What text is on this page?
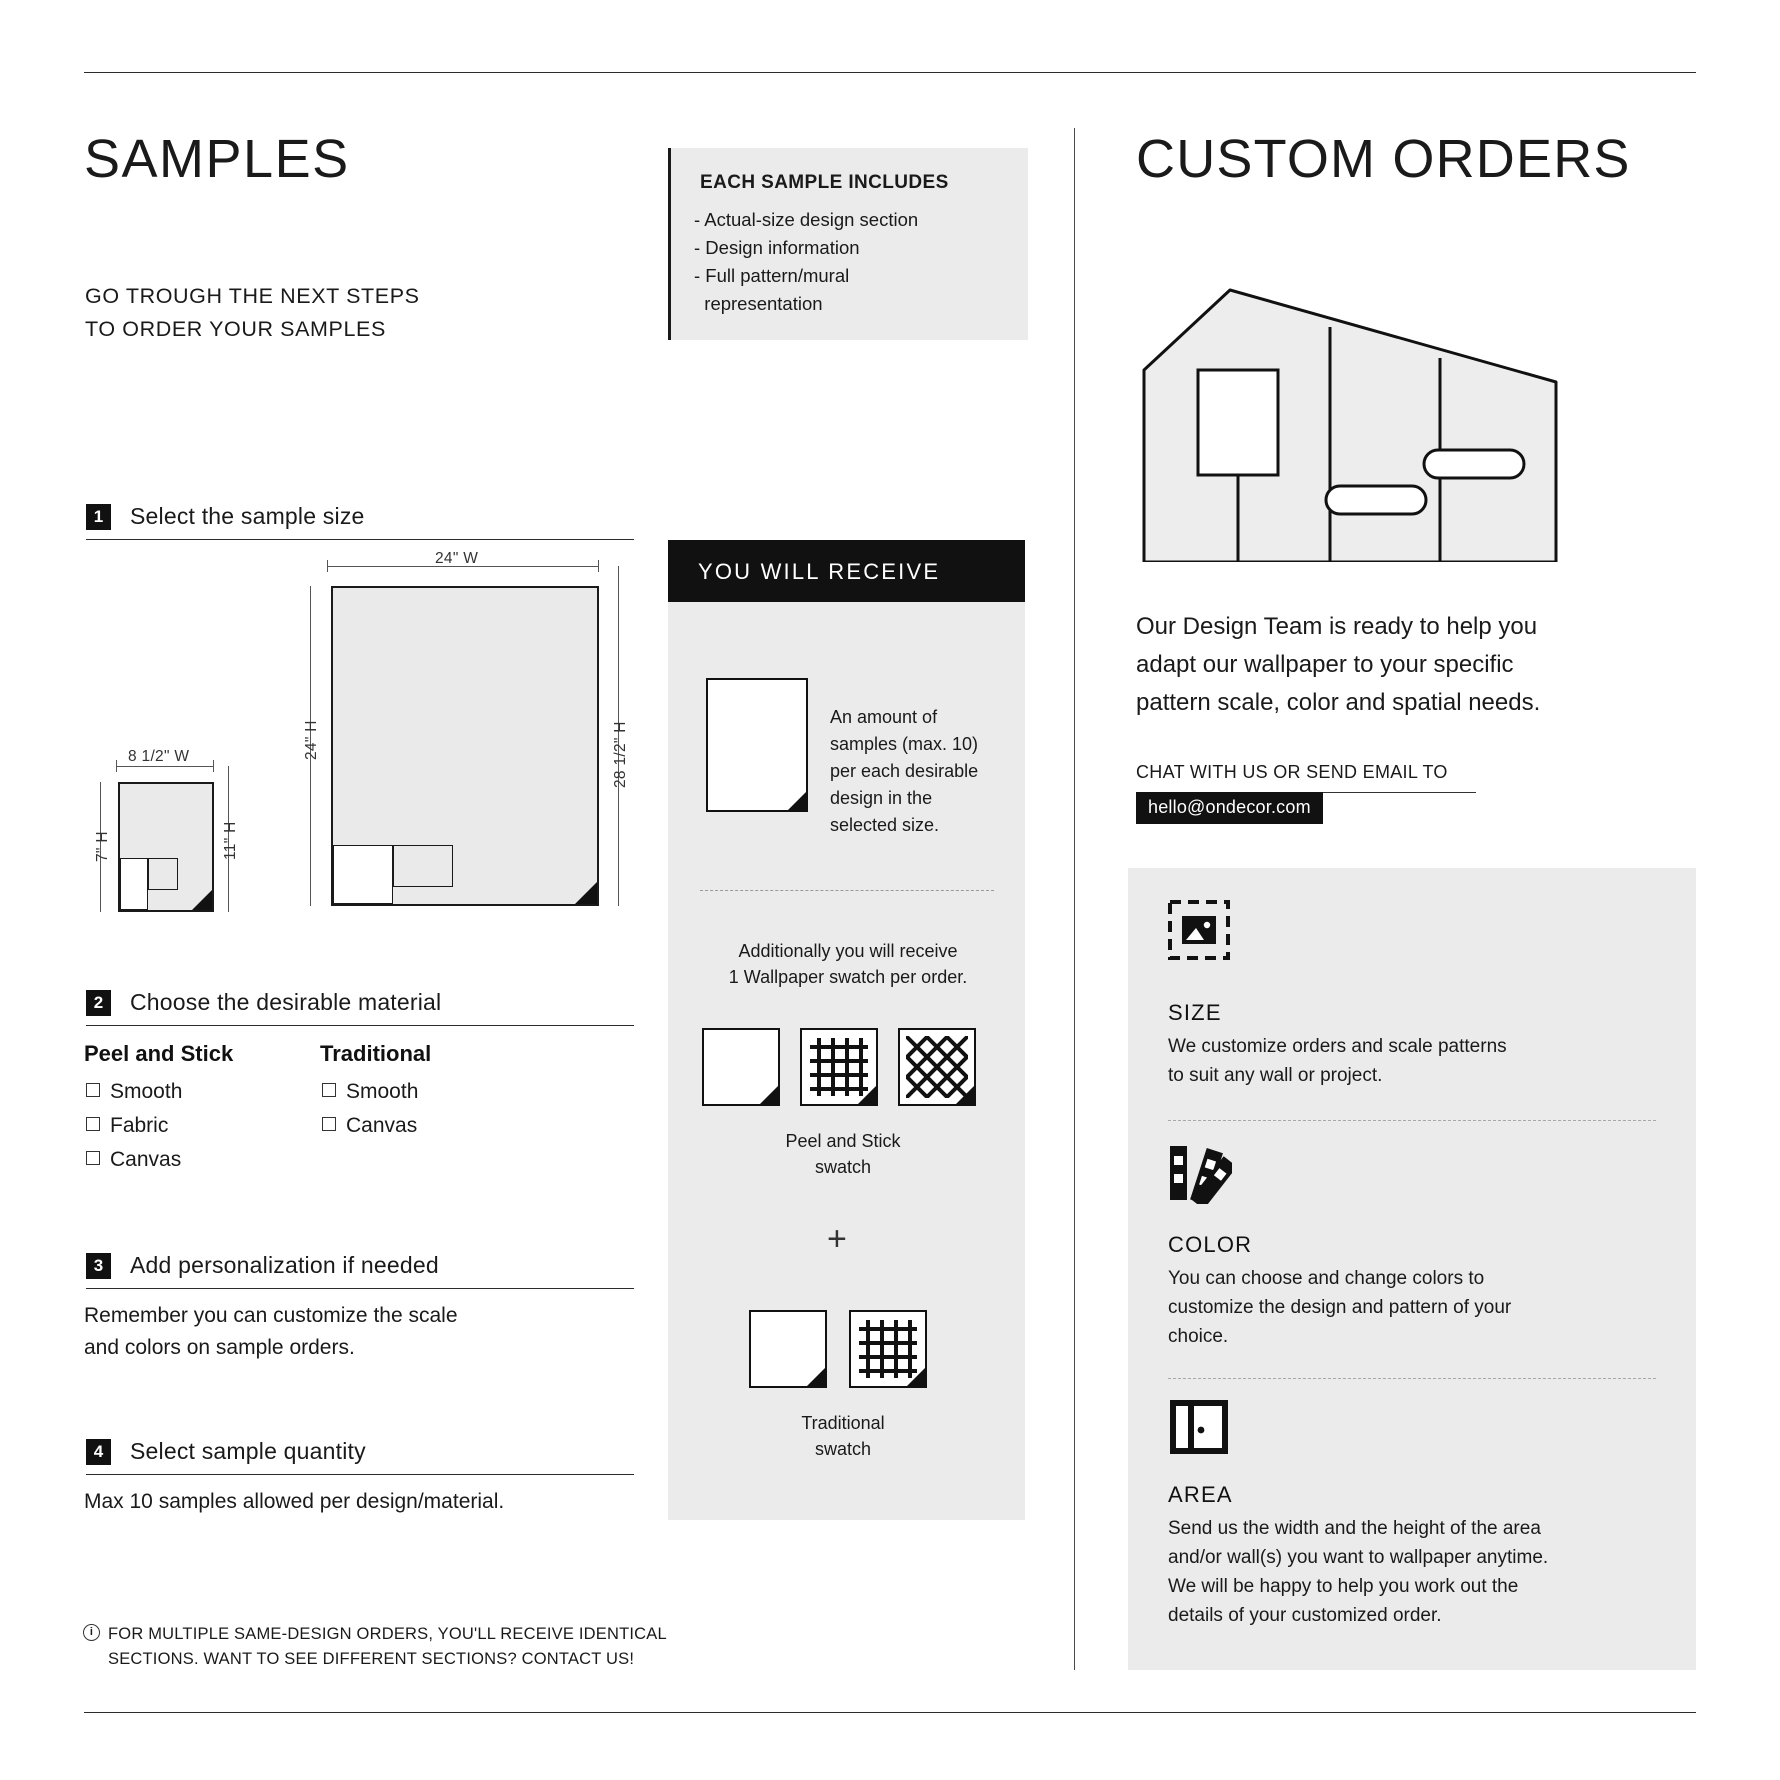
SAMPLES
GO TROUGH THE NEXT STEPS
TO ORDER YOUR SAMPLES
EACH SAMPLE INCLUDES
- Actual-size design section
- Design information
- Full pattern/mural
representation
1	Select the sample size
24" W
24" H	28 1/2" H
8 1/2" W
7" H	11" H
2	Choose the desirable material
Peel and Stick
Smooth
Fabric
Canvas
Traditional
Smooth
Canvas
3	Add personalization if needed
Remember you can customize the scale
and colors on sample orders.
4	Select sample quantity
Max 10 samples allowed per design/material.
i FOR MULTIPLE SAME-DESIGN ORDERS, YOU'LL RECEIVE IDENTICAL
SECTIONS. WANT TO SEE DIFFERENT SECTIONS? CONTACT US!
YOU WILL RECEIVE
An amount of
samples (max. 10)
per each desirable
design in the
selected size.
Additionally you will receive
1 Wallpaper swatch per order.
Peel and Stick
swatch
+
Traditional
swatch
CUSTOM ORDERS
Our Design Team is ready to help you
adapt our wallpaper to your specific
pattern scale, color and spatial needs.
CHAT WITH US OR SEND EMAIL TO
hello@ondecor.com
SIZE
We customize orders and scale patterns
to suit any wall or project.
COLOR
You can choose and change colors to
customize the design and pattern of your
choice.
AREA
Send us the width and the height of the area
and/or wall(s) you want to wallpaper anytime.
We will be happy to help you work out the
details of your customized order.
